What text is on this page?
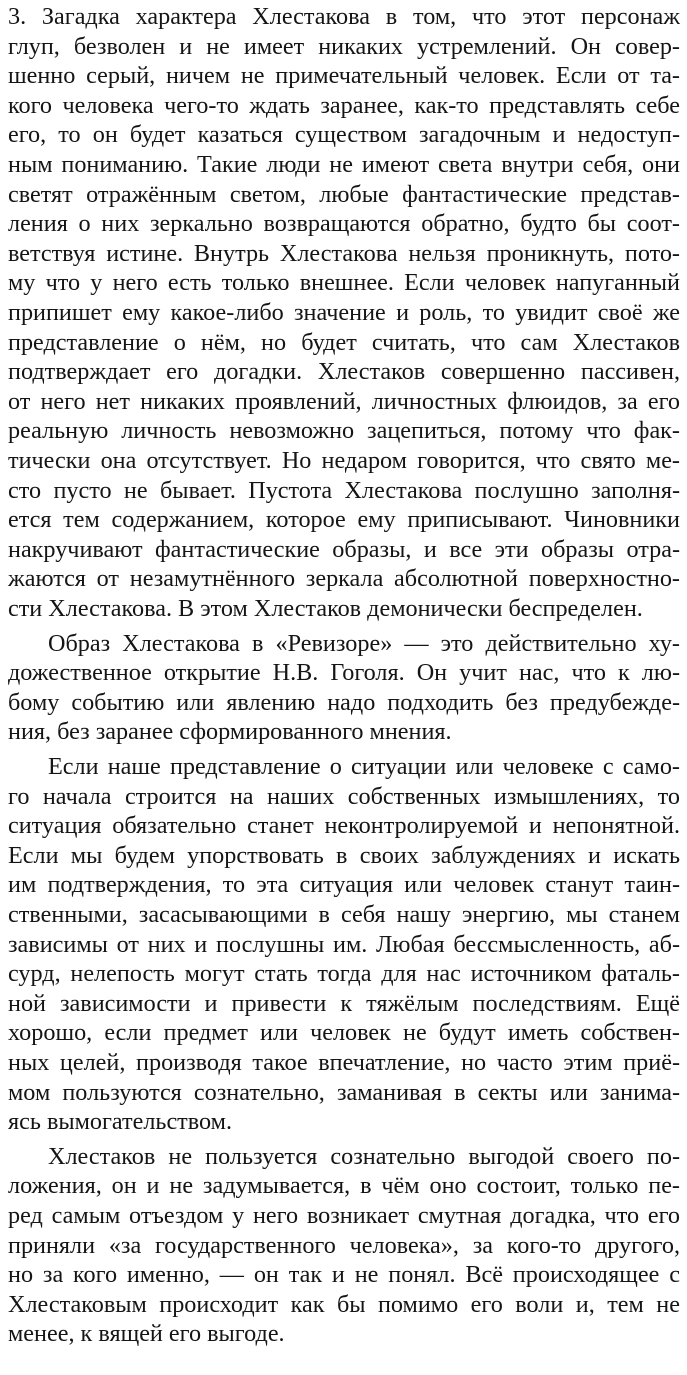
3. Загадка характера Хлестакова в том, что этот персонаж
глуп, безволен и не имеет никаких устремлений. Он совер-
шенно серый, ничем не примечательный человек. Если от та-
кого человека чего-то ждать заранее, как-то представлять себе
его, то он будет казаться существом загадочным и недоступ-
ным пониманию. Такие люди не имеют света внутри себя, они
светят отражённым светом, любые фантастические представ-
ления о них зеркально возвращаются обратно, будто бы соот-
ветствуя истине. Внутрь Хлестакова нельзя проникнуть, пото-
му что у него есть только внешнее. Если человек напуганный
припишет ему какое-либо значение и роль, то увидит своё же
представление о нём, но будет считать, что сам Хлестаков
подтверждает его догадки. Хлестаков совершенно пассивен,
от него нет никаких проявлений, личностных флюидов, за его
реальную личность невозможно зацепиться, потому что фак-
тически она отсутствует. Но недаром говорится, что свято ме-
сто пусто не бывает. Пустота Хлестакова послушно заполня-
ется тем содержанием, которое ему приписывают. Чиновники
накручивают фантастические образы, и все эти образы отра-
жаются от незамутнённого зеркала абсолютной поверхностно-
сти Хлестакова. В этом Хлестаков демонически беспределен.
Образ Хлестакова в «Ревизоре» — это действительно ху-
дожественное открытие Н.В. Гоголя. Он учит нас, что к лю-
бому событию или явлению надо подходить без предубежде-
ния, без заранее сформированного мнения.
Если наше представление о ситуации или человеке с само-
го начала строится на наших собственных измышлениях, то
ситуация обязательно станет неконтролируемой и непонятной.
Если мы будем упорствовать в своих заблуждениях и искать
им подтверждения, то эта ситуация или человек станут таин-
ственными, засасывающими в себя нашу энергию, мы станем
зависимы от них и послушны им. Любая бессмысленность, аб-
сурд, нелепость могут стать тогда для нас источником фаталь-
ной зависимости и привести к тяжёлым последствиям. Ещё
хорошо, если предмет или человек не будут иметь собствен-
ных целей, производя такое впечатление, но часто этим приё-
мом пользуются сознательно, заманивая в секты или занима-
ясь вымогательством.
Хлестаков не пользуется сознательно выгодой своего по-
ложения, он и не задумывается, в чём оно состоит, только пе-
ред самым отъездом у него возникает смутная догадка, что его
приняли «за государственного человека», за кого-то другого,
но за кого именно, — он так и не понял. Всё происходящее с
Хлестаковым происходит как бы помимо его воли и, тем не
менее, к вящей его выгоде.
